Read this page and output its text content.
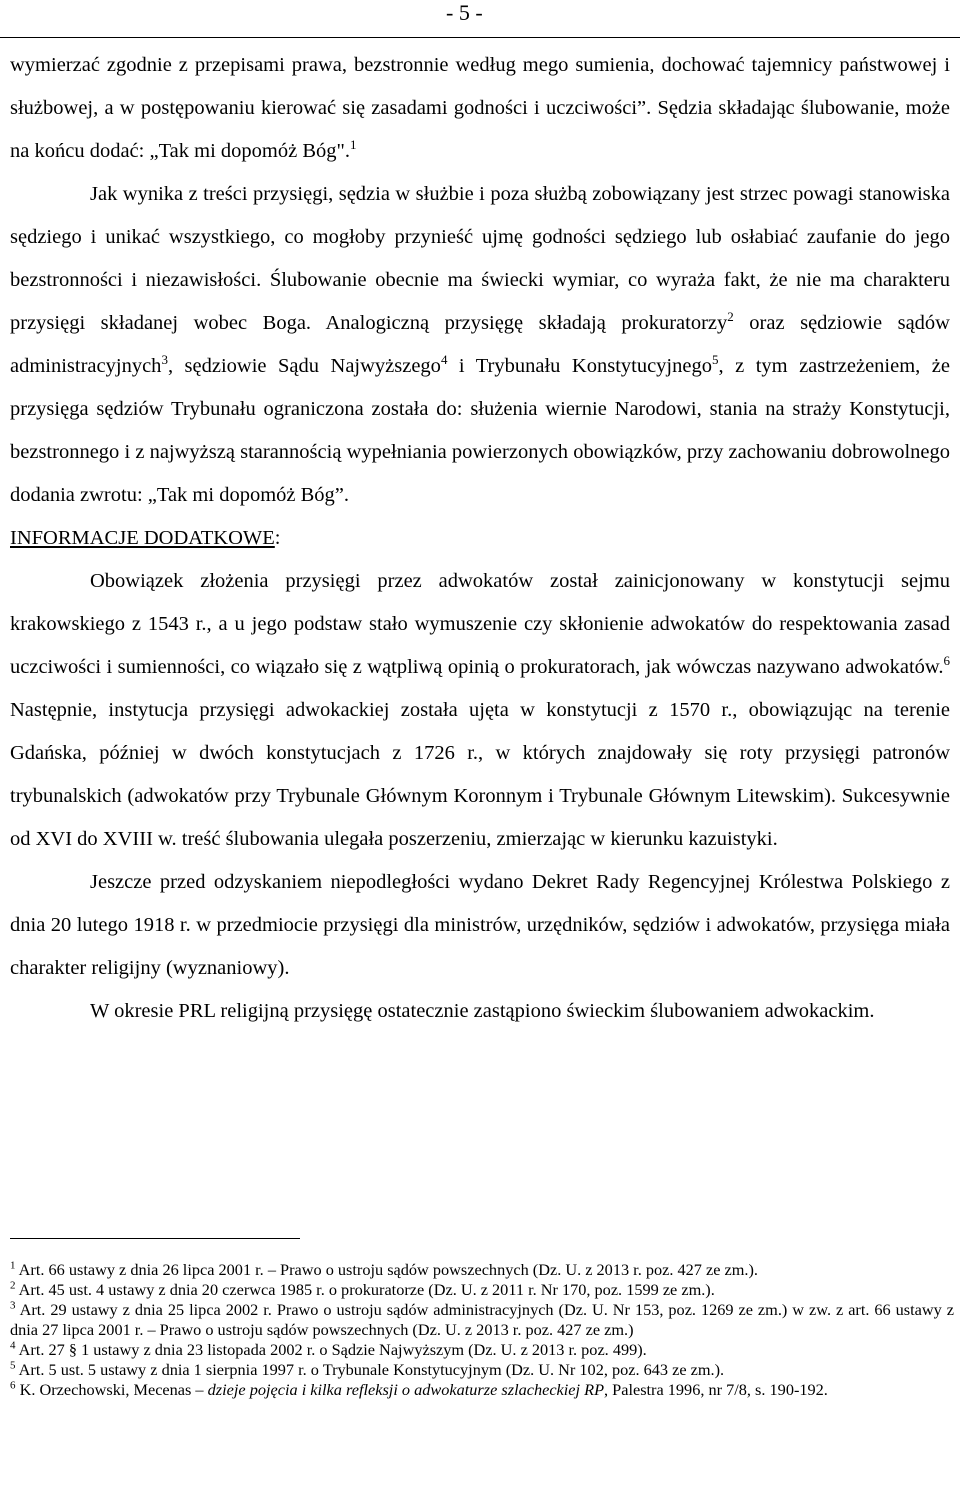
- 5 -

wymierzać zgodnie z przepisami prawa, bezstronnie według mego sumienia, dochować tajemnicy państwowej i służbowej, a w postępowaniu kierować się zasadami godności i uczciwości”. Sędzia składając ślubowanie, może na końcu dodać: „Tak mi dopomóż Bóg".$^1$

Jak wynika z treści przysięgi, sędzia w służbie i poza służbą zobowiązany jest strzec powagi stanowiska sędziego i unikać wszystkiego, co mogłoby przynieść ujmę godności sędziego lub osłabiać zaufanie do jego bezstronności i niezawisłości. Ślubowanie obecnie ma świecki wymiar, co wyraża fakt, że nie ma charakteru przysięgi składanej wobec Boga. Analogiczną przysięgę składają prokuratorzy$^2$ oraz sędziowie sądów administracyjnych$^3$, sędziowie Sądu Najwyższego$^4$ i Trybunału Konstytucyjnego$^5$, z tym zastrzeżeniem, że przysięga sędziów Trybunału ograniczona została do: służenia wiernie Narodowi, stania na straży Konstytucji, bezstronnego i z najwyższą starannością wypełniania powierzonych obowiązków, przy zachowaniu dobrowolnego dodania zwrotu: „Tak mi dopomóż Bóg”.

INFORMACJE DODATKOWE:

Obowiązek złożenia przysięgi przez adwokatów został zainicjonowany w konstytucji sejmu krakowskiego z 1543 r., a u jego podstaw stało wymuszenie czy skłonienie adwokatów do respektowania zasad uczciwości i sumienności, co wiązało się z wątpliwą opinią o prokuratorach, jak wówczas nazywano adwokatów.$^6$ Następnie, instytucja przysięgi adwokackiej została ujęta w konstytucji z 1570 r., obowiązując na terenie Gdańska, później w dwóch konstytucjach z 1726 r., w których znajdowały się roty przysięgi patronów trybunalskich (adwokatów przy Trybunale Głównym Koronnym i Trybunale Głównym Litewskim). Sukcesywnie od XVI do XVIII w. treść ślubowania ulegała poszerzeniu, zmierzając w kierunku kazuistyki.

Jeszcze przed odzyskaniem niepodległości wydano Dekret Rady Regencyjnej Królestwa Polskiego z dnia 20 lutego 1918 r. w przedmiocie przysięgi dla ministrów, urzędników, sędziów i adwokatów, przysięga miała charakter religijny (wyznaniowy).

W okresie PRL religijną przysięgę ostatecznie zastąpiono świeckim ślubowaniem adwokackim.

$^1$ Art. 66 ustawy z dnia 26 lipca 2001 r. – Prawo o ustroju sądów powszechnych (Dz. U. z 2013 r. poz. 427 ze zm.).

$^2$ Art. 45 ust. 4 ustawy z dnia 20 czerwca 1985 r. o prokuratorze (Dz. U. z 2011 r. Nr 170, poz. 1599 ze zm.).

$^3$ Art. 29 ustawy z dnia 25 lipca 2002 r. Prawo o ustroju sądów administracyjnych (Dz. U. Nr 153, poz. 1269 ze zm.) w zw. z art. 66 ustawy z dnia 27 lipca 2001 r. – Prawo o ustroju sądów powszechnych (Dz. U. z 2013 r. poz. 427 ze zm.)

$^4$ Art. 27 § 1 ustawy z dnia 23 listopada 2002 r. o Sądzie Najwyższym (Dz. U. z 2013 r. poz. 499).

$^5$ Art. 5 ust. 5 ustawy z dnia 1 sierpnia 1997 r. o Trybunale Konstytucyjnym (Dz. U. Nr 102, poz. 643 ze zm.).

$^6$ K. Orzechowski, Mecenas – dzieje pojęcia i kilka refleksji o adwokaturze szlacheckiej RP, Palestra 1996, nr 7/8, s. 190-192.
